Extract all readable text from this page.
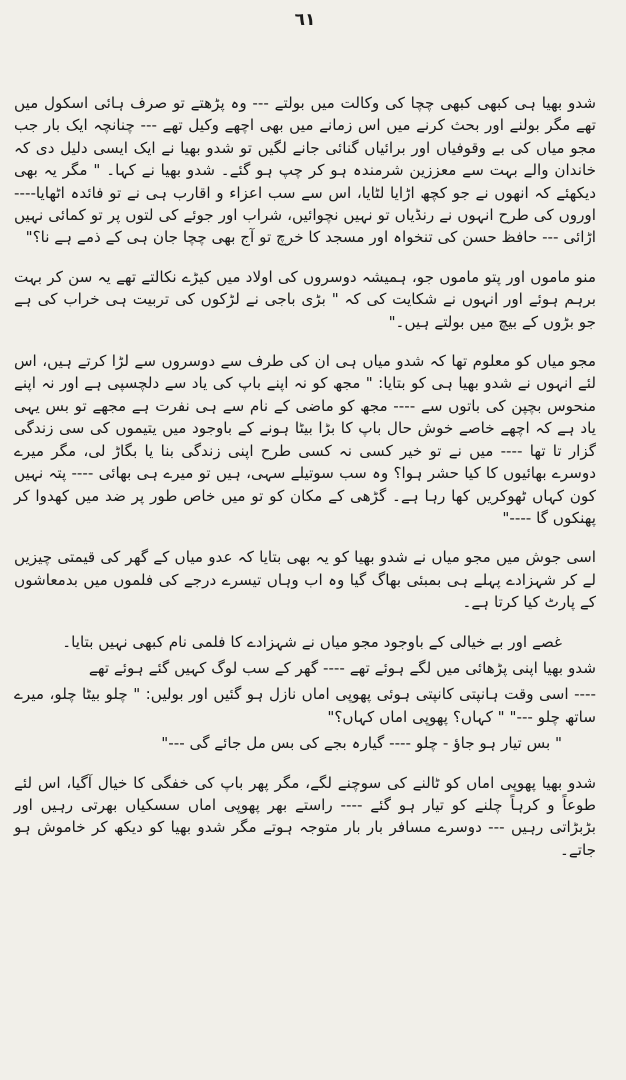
٦١

شدو بھیا ہی کبھی کبھی چچا کی وکالت میں بولتے --- وہ پڑھتے تو صرف ہائی اسکول میں تھے مگر بولنے اور بحث کرنے میں اس زمانے میں بھی اچھے وکیل تھے --- چنانچہ ایک بار جب مجو میاں کی بے وقوفیاں اور برائیاں گنائی جانے لگیں تو شدو بھیا نے ایک ایسی دلیل دی کہ خاندان والے بہت سے معززین شرمندہ ہو کر چپ ہو گئے۔ شدو بھیا نے کہا۔ " مگر یہ بھی دیکھئے کہ انھوں نے جو کچھ اڑایا لٹایا، اس سے سب اعزاء و اقارب ہی نے تو فائدہ اٹھایا---- اوروں کی طرح انہوں نے رنڈیاں تو نہیں نچوائیں، شراب اور جوئے کی لتوں پر تو کمائی نہیں اڑائی --- حافظ حسن کی تنخواہ اور مسجد کا خرچ تو آج بھی چچا جان ہی کے ذمے ہے نا؟"

منو ماموں اور پتو ماموں جو، ہمیشہ دوسروں کی اولاد میں کیڑے نکالتے تھے یہ سن کر بہت برہم ہوئے اور انہوں نے شکایت کی کہ " بڑی باجی نے لڑکوں کی تربیت ہی خراب کی ہے جو بڑوں کے بیچ میں بولتے ہیں۔"

مجو میاں کو معلوم تھا کہ شدو میاں ہی ان کی طرف سے دوسروں سے لڑا کرتے ہیں، اس لئے انہوں نے شدو بھیا ہی کو بتایا: " مجھ کو نہ اپنے باپ کی یاد سے دلچسپی ہے اور نہ اپنے منحوس بچپن کی باتوں سے ---- مجھ کو ماضی کے نام سے ہی نفرت ہے مجھے تو بس یہی یاد ہے کہ اچھے خاصے خوش حال باپ کا بڑا بیٹا ہونے کے باوجود میں یتیموں کی سی زندگی گزار تا تھا ---- میں نے تو خیر کسی نہ کسی طرح اپنی زندگی بنا یا بگاڑ لی، مگر میرے دوسرے بھائیوں کا کیا حشر ہوا؟ وہ سب سوتیلے سہی، ہیں تو میرے ہی بھائی ---- پتہ نہیں کون کہاں ٹھوکریں کھا رہا ہے۔ گڑھی کے مکان کو تو میں خاص طور پر ضد میں کھدوا کر پھنکوں گا ----"

اسی جوش میں مجو میاں نے شدو بھیا کو یہ بھی بتایا کہ عدو میاں کے گھر کی قیمتی چیزیں لے کر شہزادے پہلے ہی بمبئی بھاگ گیا وہ اب وہاں تیسرے درجے کی فلموں میں بدمعاشوں کے پارٹ کیا کرتا ہے۔

غصے اور بے خیالی کے باوجود مجو میاں نے شہزادے کا فلمی نام کبھی نہیں بتایا۔

شدو بھیا اپنی پڑھائی میں لگے ہوئے تھے ---- گھر کے سب لوگ کہیں گئے ہوئے تھے

---- اسی وقت ہانپتی کانپتی ہوئی پھوپی اماں نازل ہو گئیں اور بولیں: " چلو بیٹا چلو، میرے ساتھ چلو ---" " کہاں؟ پھوپی اماں کہاں؟"

" بس تیار ہو جاؤ - چلو ---- گیارہ بجے کی بس مل جائے گی ---"

شدو بھیا پھوپی اماں کو ٹالنے کی سوچنے لگے، مگر پھر باپ کی خفگی کا خیال آگیا، اس لئے طوعاً و کرہاً چلنے کو تیار ہو گئے ---- راستے بھر پھوپی اماں سسکیاں بھرتی رہیں اور بڑبڑاتی رہیں --- دوسرے مسافر بار بار متوجہ ہوتے مگر شدو بھیا کو دیکھ کر خاموش ہو جاتے۔
